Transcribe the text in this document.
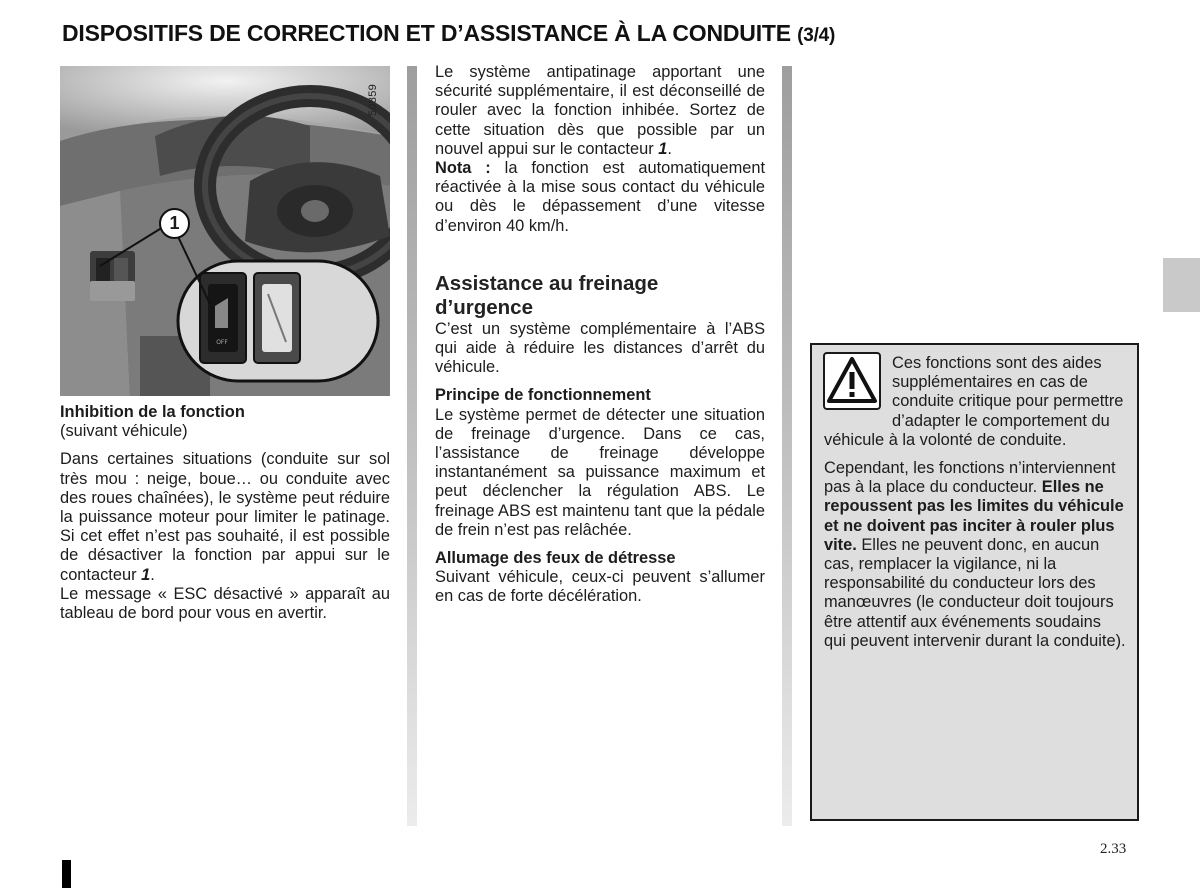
DISPOSITIFS DE CORRECTION ET D’ASSISTANCE À LA CONDUITE (3/4)
OFF
50859
1

Inhibition de la fonction

(suivant véhicule)

Dans certaines situations (conduite sur sol très mou : neige, boue… ou conduite avec des roues chaînées), le système peut réduire la puissance moteur pour limiter le patinage. Si cet effet n’est pas souhaité, il est possible de désactiver la fonction par appui sur le contacteur 1.

Le message « ESC désactivé » apparaît au tableau de bord pour vous en avertir.

Le système antipatinage apportant une sécurité supplémentaire, il est déconseillé de rouler avec la fonction inhibée. Sortez de cette situation dès que possible par un nouvel appui sur le contacteur 1.

Nota : la fonction est automatiquement réactivée à la mise sous contact du véhicule ou dès le dépassement d’une vitesse d’environ 40 km/h.

Assistance au freinage d’urgence

C’est un système complémentaire à l’ABS qui aide à réduire les distances d’arrêt du véhicule.

Principe de fonctionnement

Le système permet de détecter une situation de freinage d’urgence. Dans ce cas, l’assistance de freinage développe instantanément sa puissance maximum et peut déclencher la régulation ABS. Le freinage ABS est maintenu tant que la pédale de frein n’est pas relâchée.

Allumage des feux de détresse

Suivant véhicule, ceux-ci peuvent s’allumer en cas de forte décélération.

Ces fonctions sont des aides supplémentaires en cas de conduite critique pour permettre d’adapter le comportement du véhicule à la volonté de conduite.

Cependant, les fonctions n’interviennent pas à la place du conducteur. Elles ne repoussent pas les limites du véhicule et ne doivent pas inciter à rouler plus vite. Elles ne peuvent donc, en aucun cas, remplacer la vigilance, ni la responsabilité du conducteur lors des manœuvres (le conducteur doit toujours être attentif aux événements soudains qui peuvent intervenir durant la conduite).

2.33
